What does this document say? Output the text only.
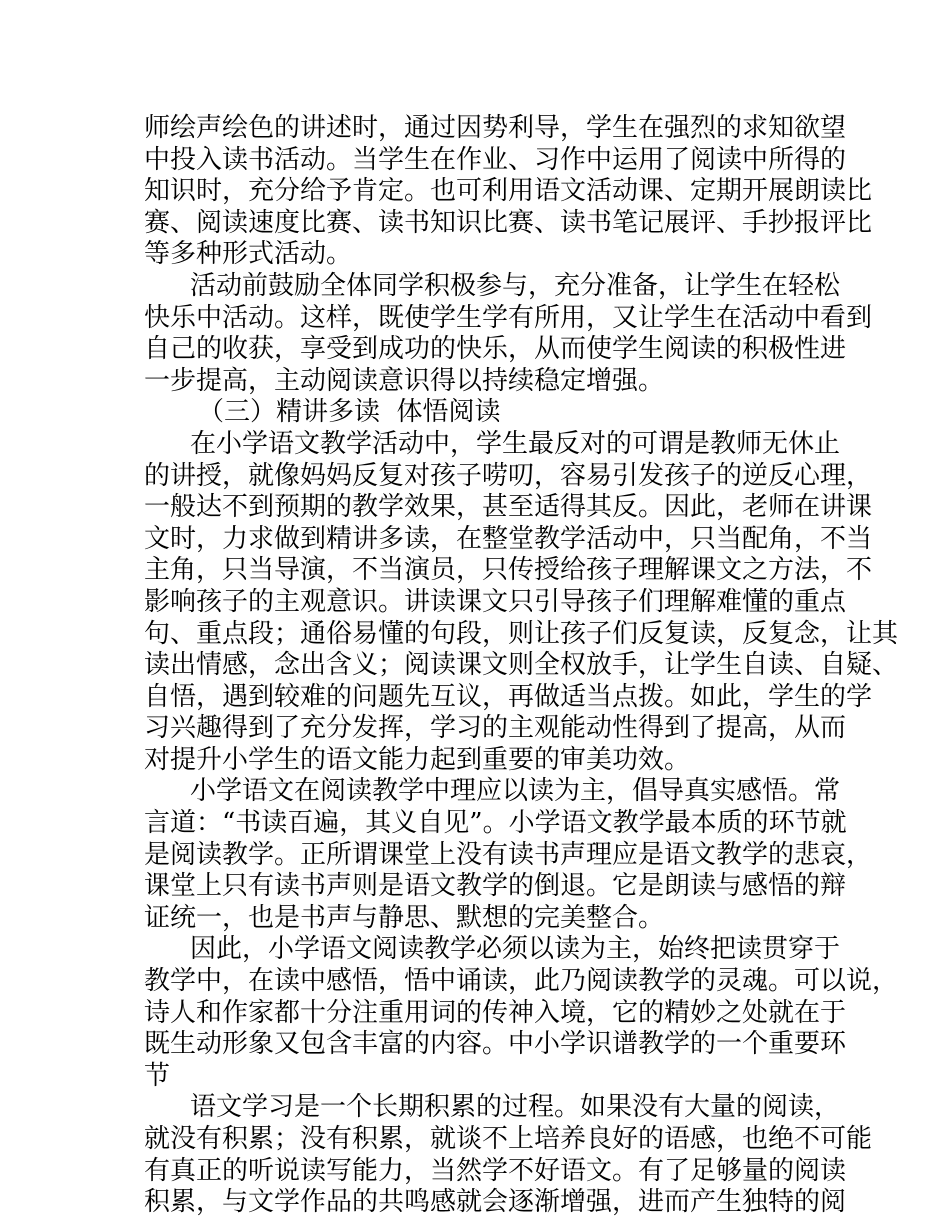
师绘声绘色的讲述时，通过因势利导，学生在强烈的求知欲望
中投入读书活动。当学生在作业、习作中运用了阅读中所得的
知识时，充分给予肯定。也可利用语文活动课、定期开展朗读比
赛、阅读速度比赛、读书知识比赛、读书笔记展评、手抄报评比
等多种形式活动。
活动前鼓励全体同学积极参与，充分准备，让学生在轻松
快乐中活动。这样，既使学生学有所用，又让学生在活动中看到
自己的收获，享受到成功的快乐，从而使学生阅读的积极性进
一步提高，主动阅读意识得以持续稳定增强。
（三）精讲多读  体悟阅读
在小学语文教学活动中，学生最反对的可谓是教师无休止
的讲授，就像妈妈反复对孩子唠叨，容易引发孩子的逆反心理，
一般达不到预期的教学效果，甚至适得其反。因此，老师在讲课
文时，力求做到精讲多读，在整堂教学活动中，只当配角，不当
主角，只当导演，不当演员，只传授给孩子理解课文之方法，不
影响孩子的主观意识。讲读课文只引导孩子们理解难懂的重点
句、重点段；通俗易懂的句段，则让孩子们反复读，反复念，让其
读出情感，念出含义；阅读课文则全权放手，让学生自读、自疑、
自悟，遇到较难的问题先互议，再做适当点拨。如此，学生的学
习兴趣得到了充分发挥，学习的主观能动性得到了提高，从而
对提升小学生的语文能力起到重要的审美功效。
小学语文在阅读教学中理应以读为主，倡导真实感悟。常
言道：“书读百遍，其义自见”。小学语文教学最本质的环节就
是阅读教学。正所谓课堂上没有读书声理应是语文教学的悲哀，
课堂上只有读书声则是语文教学的倒退。它是朗读与感悟的辩
证统一，也是书声与静思、默想的完美整合。
因此，小学语文阅读教学必须以读为主，始终把读贯穿于
教学中，在读中感悟，悟中诵读，此乃阅读教学的灵魂。可以说，
诗人和作家都十分注重用词的传神入境，它的精妙之处就在于
既生动形象又包含丰富的内容。中小学识谱教学的一个重要环
节
语文学习是一个长期积累的过程。如果没有大量的阅读，
就没有积累；没有积累，就谈不上培养良好的语感，也绝不可能
有真正的听说读写能力，当然学不好语文。有了足够量的阅读
积累，与文学作品的共鸣感就会逐渐增强，进而产生独特的阅
